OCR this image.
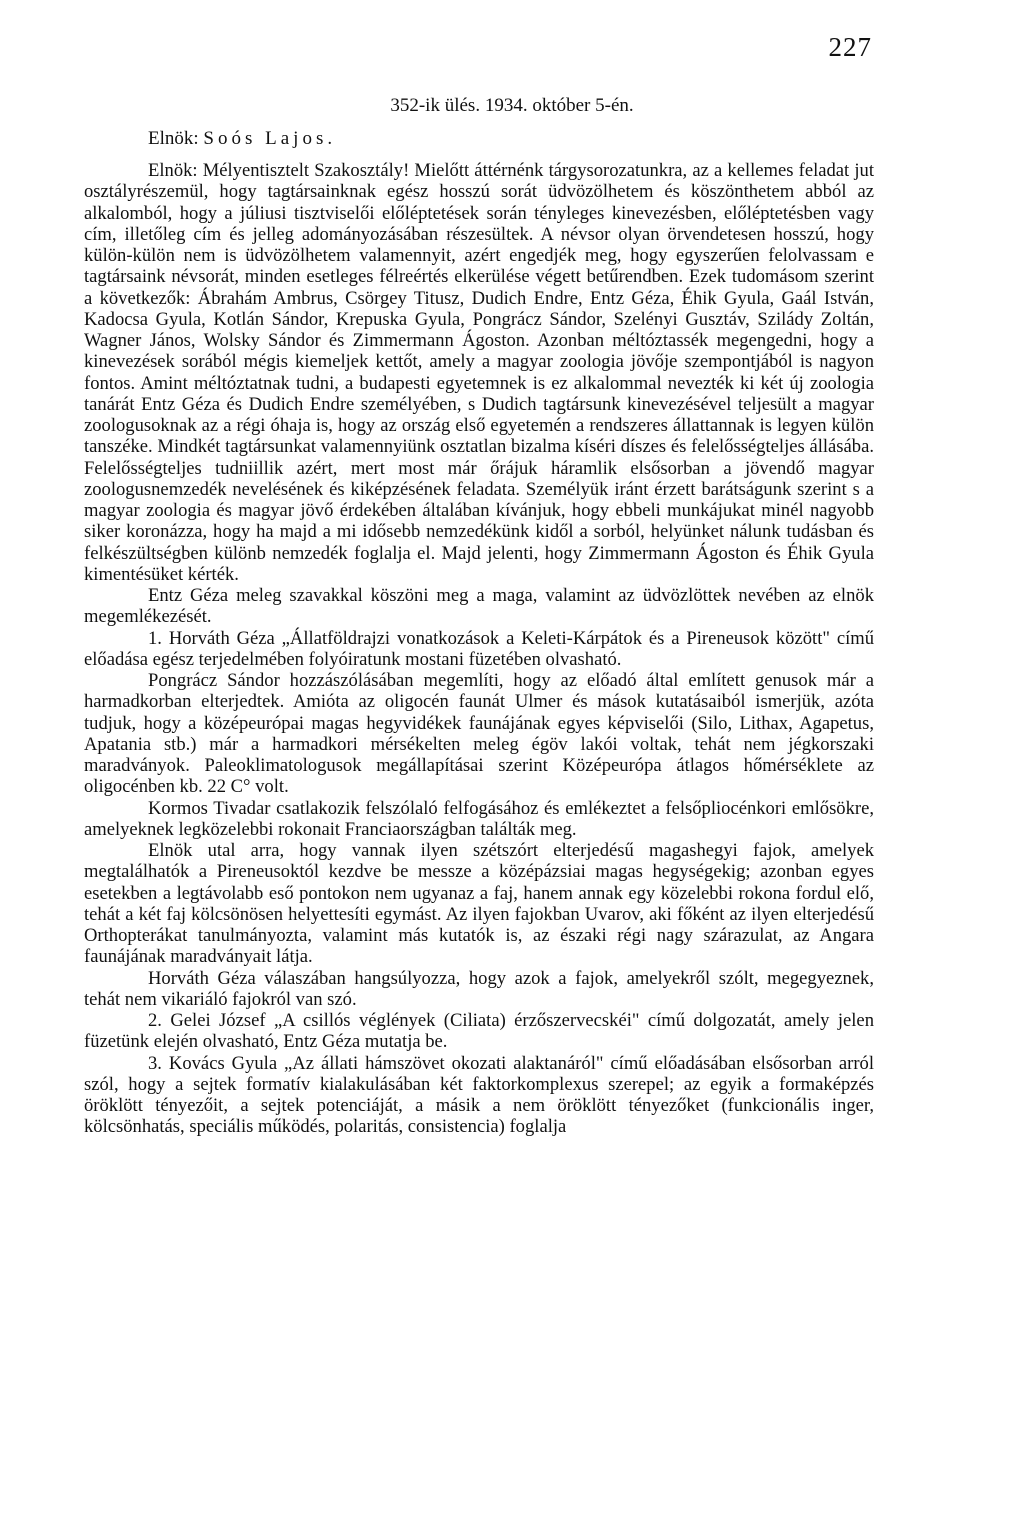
227
352-ik ülés. 1934. október 5-én.
Elnök: Soós Lajos.

Elnök: Mélyentisztelt Szakosztály! Mielőtt áttérnénk tárgysorozatunkra, az a kellemes feladat jut osztályrészemül, hogy tagtársainknak egész hosszú sorát üdvözölhetem és köszönthetem abból az alkalomból, hogy a júliusi tisztviselői előléptetések során tényleges kinevezésben, előléptetésben vagy cím, illetőleg cím és jelleg adományozásában részesültek. A névsor olyan örvendetesen hosszú, hogy külön-külön nem is üdvözölhetem valamennyit, azért engedjék meg, hogy egyszerűen felolvassam e tagtársaink névsorát, minden esetleges félreértés elkerülése végett betűrendben. Ezek tudomásom szerint a következők: Ábrahám Ambrus, Csörgey Titusz, Dudich Endre, Entz Géza, Éhik Gyula, Gaál István, Kadocsa Gyula, Kotlán Sándor, Krepuska Gyula, Pongrácz Sándor, Szelényi Gusztáv, Szilády Zoltán, Wagner János, Wolsky Sándor és Zimmermann Ágoston. Azonban méltóztassék megengedni, hogy a kinevezések sorából mégis kiemeljek kettőt, amely a magyar zoologia jövője szempontjából is nagyon fontos. Amint méltóztatnak tudni, a budapesti egyetemnek is ez alkalommal nevezték ki két új zoologia tanárát Entz Géza és Dudich Endre személyében, s Dudich tagtársunk kinevezésével teljesült a magyar zoologusoknak az a régi óhaja is, hogy az ország első egyetemén a rendszeres állattannak is legyen külön tanszéke. Mindkét tagtársunkat valamennyiünk osztatlan bizalma kíséri díszes és felelősségteljes állásába. Felelősségteljes tudniillik azért, mert most már őrájuk háramlik elsősorban a jövendő magyar zoologusnemzedék nevelésének és kiképzésének feladata. Személyük iránt érzett barátságunk szerint s a magyar zoologia és magyar jövő érdekében általában kívánjuk, hogy ebbeli munkájukat minél nagyobb siker koronázza, hogy ha majd a mi idősebb nemzedékünk kidől a sorból, helyünket nálunk tudásban és felkészültségben különb nemzedék foglalja el. Majd jelenti, hogy Zimmermann Ágoston és Éhik Gyula kimentésüket kérték.

Entz Géza meleg szavakkal köszöni meg a maga, valamint az üdvözlöttek nevében az elnök megemlékezését.

1. Horváth Géza „Állatföldrajzi vonatkozások a Keleti-Kárpátok és a Pireneusok között" című előadása egész terjedelmében folyóiratunk mostani füzetében olvasható.

Pongrácz Sándor hozzászólásában megemlíti, hogy az előadó által említett genusok már a harmadkorban elterjedtek. Amióta az oligocén faunát Ulmer és mások kutatásaiból ismerjük, azóta tudjuk, hogy a középeurópai magas hegyvidékek faunájának egyes képviselői (Silo, Lithax, Agapetus, Apatania stb.) már a harmadkori mérsékelten meleg égöv lakói voltak, tehát nem jégkorszaki maradványok. Paleoklimatologusok megállapításai szerint Középeurópa átlagos hőmérséklete az oligocénben kb. 22 C° volt.

Kormos Tivadar csatlakozik felszólaló felfogásához és emlékeztet a felsőpliocénkori emlősökre, amelyeknek legközelebbi rokonait Franciaországban találták meg.

Elnök utal arra, hogy vannak ilyen szétszórt elterjedésű magashegyi fajok, amelyek megtalálhatók a Pireneusoktól kezdve be messze a középázsiai magas hegységekig; azonban egyes esetekben a legtávolabb eső pontokon nem ugyanaz a faj, hanem annak egy közelebbi rokona fordul elő, tehát a két faj kölcsönösen helyettesíti egymást. Az ilyen fajokban Uvarov, aki főként az ilyen elterjedésű Orthopterákat tanulmányozta, valamint más kutatók is, az északi régi nagy szárazulat, az Angara faunájának maradványait látja.

Horváth Géza válaszában hangsúlyozza, hogy azok a fajok, amelyekről szólt, megegyeznek, tehát nem vikariáló fajokról van szó.

2. Gelei József „A csillós véglények (Ciliata) érzőszervecskéi" című dolgozatát, amely jelen füzetünk elején olvasható, Entz Géza mutatja be.

3. Kovács Gyula „Az állati hámszövet okozati alaktanáról" című előadásában elsősorban arról szól, hogy a sejtek formatív kialakulásában két faktorkomplexus szerepel; az egyik a formaképzés öröklött tényezőit, a sejtek potenciáját, a másik a nem öröklött tényezőket (funkcionális inger, kölcsönhatás, speciális működés, polaritás, consistencia) foglalja
